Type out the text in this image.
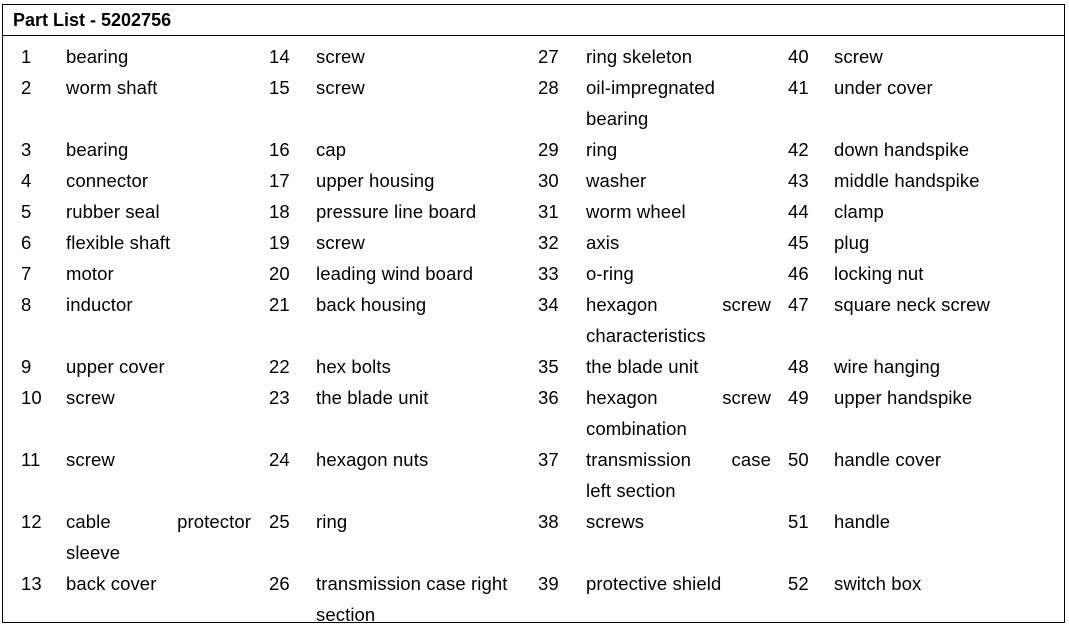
Part List - 5202756
1 bearing
2 worm shaft
3 bearing
4 connector
5 rubber seal
6 flexible shaft
7 motor
8 inductor
9 upper cover
10 screw
11 screw
12 cable protector
sleeve
13 back cover
14 screw
15 screw
16 cap
17 upper housing
18 pressure line board
19 screw
20 leading wind board
21 back housing
22 hex bolts
23 the blade unit
24 hexagon nuts
25 ring
26 transmission case right
section
27 ring skeleton
28 oil-impregnated
bearing
29 ring
30 washer
31 worm wheel
32 axis
33 o-ring
34 hexagon screw
characteristics
35 the blade unit
36 hexagon screw
combination
37 transmission case
left section
38 screws
39 protective shield
40 screw
41 under cover
42 down handspike
43 middle handspike
44 clamp
45 plug
46 locking nut
47 square neck screw
48 wire hanging
49 upper handspike
50 handle cover
51 handle
52 switch box
